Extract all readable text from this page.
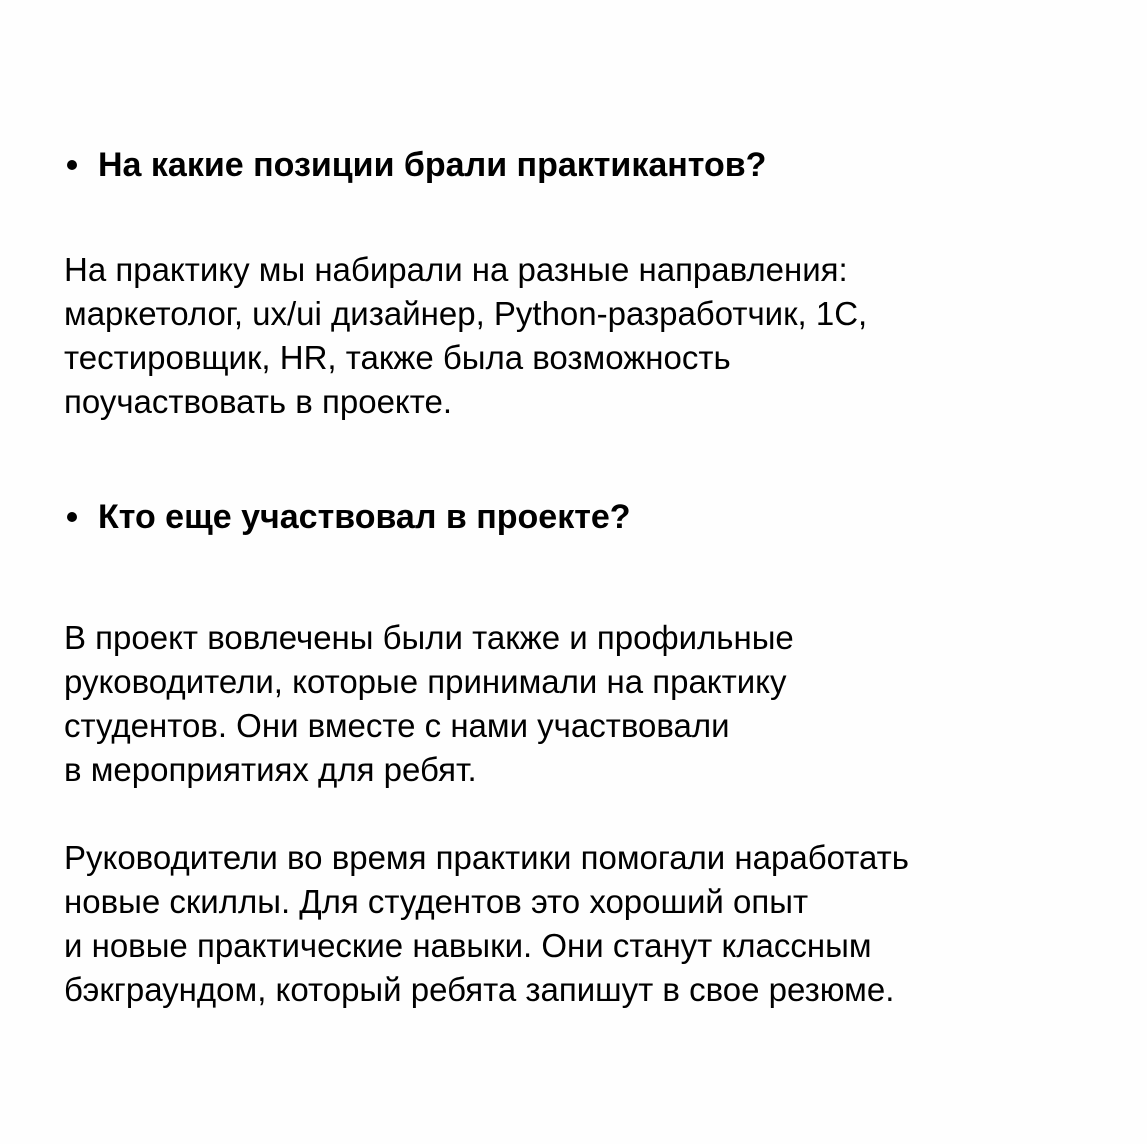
На какие позиции брали практикантов?

На практику мы набирали на разные направления:
маркетолог, ux/ui дизайнер, Python-разработчик, 1С,
тестировщик, HR, также была возможность
поучаствовать в проекте.

Кто еще участвовал в проекте?

В проект вовлечены были также и профильные
руководители, которые принимали на практику
студентов. Они вместе с нами участвовали
в мероприятиях для ребят.

Руководители во время практики помогали наработать
новые скиллы. Для студентов это хороший опыт
и новые практические навыки. Они станут классным
бэкграундом, который ребята запишут в свое резюме.
